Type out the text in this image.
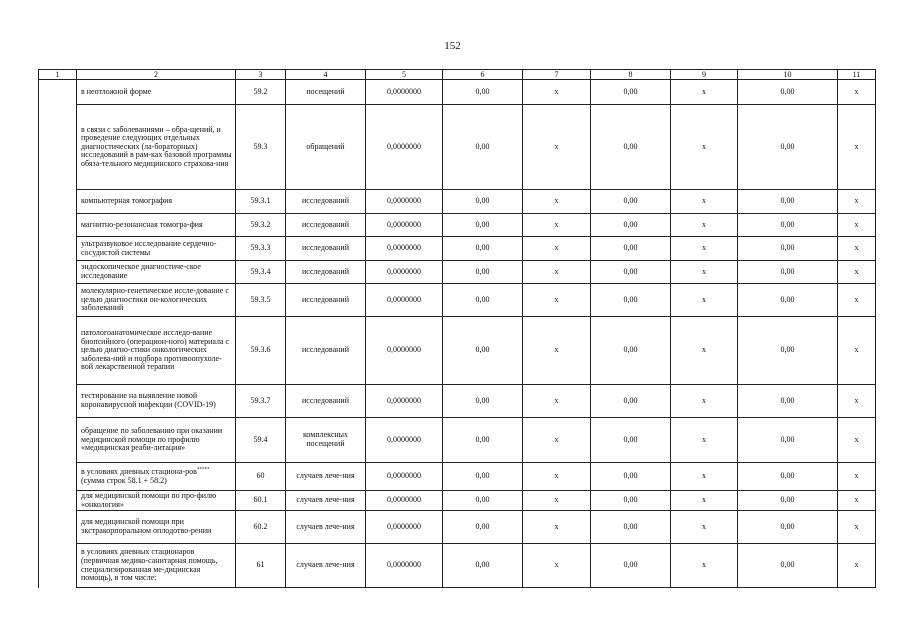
152
1	2	3	4	5	6	7	8	9	10	11
	в неотложной форме	59.2	посещений	0,0000000	0,00	х	0,00	х	0,00	х
	в связи с заболеваниями – обра-щений, и проведение следующих отдельных диагностических (ла-бораторных) исследований в рам-ках базовой программы обяза-тельного медицинского страхова-ния	59.3	обращений	0,0000000	0,00	х	0,00	х	0,00	х
	компьютерная томография	59.3.1	исследований	0,0000000	0,00	х	0,00	х	0,00	х
	магнитно-резонансная томогра-фия	59.3.2	исследований	0,0000000	0,00	х	0,00	х	0,00	х
	ультразвуковое исследование сердечно-сосудистой системы	59.3.3	исследований	0,0000000	0,00	х	0,00	х	0,00	х
	эндоскопическое диагностиче-ское исследование	59.3.4	исследований	0,0000000	0,00	х	0,00	х	0,00	х
	молекулярно-генетическое иссле-дование с целью диагностики он-кологических заболеваний	59.3.5	исследований	0,0000000	0,00	х	0,00	х	0,00	х
	патологоанатомическое исследо-вание биопсийного (операцион-ного) материала с целью диагно-стики онкологических заболева-ний и подбора противоопухоле-вой лекарственной терапии	59.3.6	исследований	0,0000000	0,00	х	0,00	х	0,00	х
	тестирование на выявление новой коронавирусной инфекции (COVID-19)	59.3.7	исследований	0,0000000	0,00	х	0,00	х	0,00	х
	обращение по заболеванию при оказании медицинской помощи по профилю «медицинская реаби-литация»	59.4	комплексных посещений	0,0000000	0,00	х	0,00	х	0,00	х
	в условиях дневных стациона-ров***** (сумма строк 58.1 + 58.2)	60	случаев лече-ния	0,0000000	0,00	х	0,00	х	0,00	х
	для медицинской помощи по про-филю «онкология»	60.1	случаев лече-ния	0,0000000	0,00	х	0,00	х	0,00	х
	для медицинской помощи при экстракорпоральном оплодотво-рении	60.2	случаев лече-ния	0,0000000	0,00	х	0,00	х	0,00	х
	в условиях дневных стационаров (первичная медико-санитарная помощь, специализированная ме-дицинская помощь), в том числе:	61	случаев лече-ния	0,0000000	0,00	х	0,00	х	0,00	х
